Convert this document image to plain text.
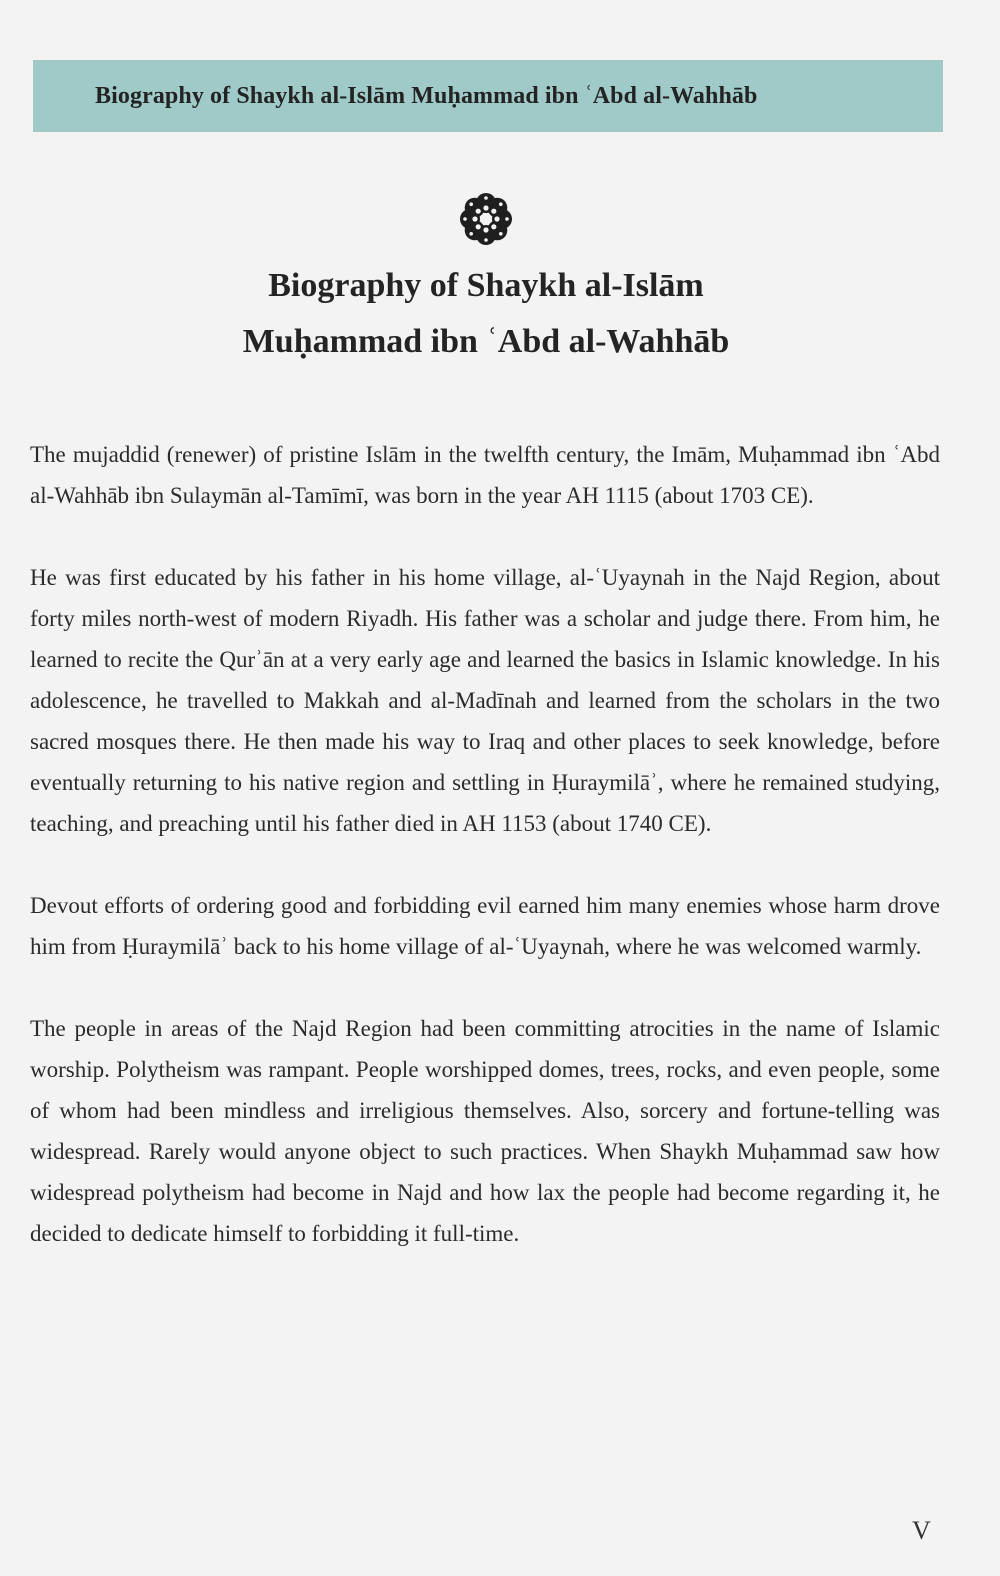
Biography of Shaykh al-Islām Muḥammad ibn ʿAbd al-Wahhāb
Biography of Shaykh al-Islām
Muḥammad ibn ʿAbd al-Wahhāb

The mujaddid (renewer) of pristine Islām in the twelfth century, the Imām, Muḥammad ibn ʿAbd al-Wahhāb ibn Sulaymān al-Tamīmī, was born in the year AH 1115 (about 1703 CE).

He was first educated by his father in his home village, al-ʿUyaynah in the Najd Region, about forty miles north-west of modern Riyadh. His father was a scholar and judge there. From him, he learned to recite the Qurʾān at a very early age and learned the basics in Islamic knowledge. In his adolescence, he travelled to Makkah and al-Madīnah and learned from the scholars in the two sacred mosques there. He then made his way to Iraq and other places to seek knowledge, before eventually returning to his native region and settling in Ḥuraymilāʾ, where he remained studying, teaching, and preaching until his father died in AH 1153 (about 1740 CE).

Devout efforts of ordering good and forbidding evil earned him many enemies whose harm drove him from Ḥuraymilāʾ back to his home village of al-ʿUyaynah, where he was welcomed warmly.

The people in areas of the Najd Region had been committing atrocities in the name of Islamic worship. Polytheism was rampant. People worshipped domes, trees, rocks, and even people, some of whom had been mindless and irreligious themselves. Also, sorcery and fortune-telling was widespread. Rarely would anyone object to such practices. When Shaykh Muḥammad saw how widespread polytheism had become in Najd and how lax the people had become regarding it, he decided to dedicate himself to forbidding it full-time.

V
